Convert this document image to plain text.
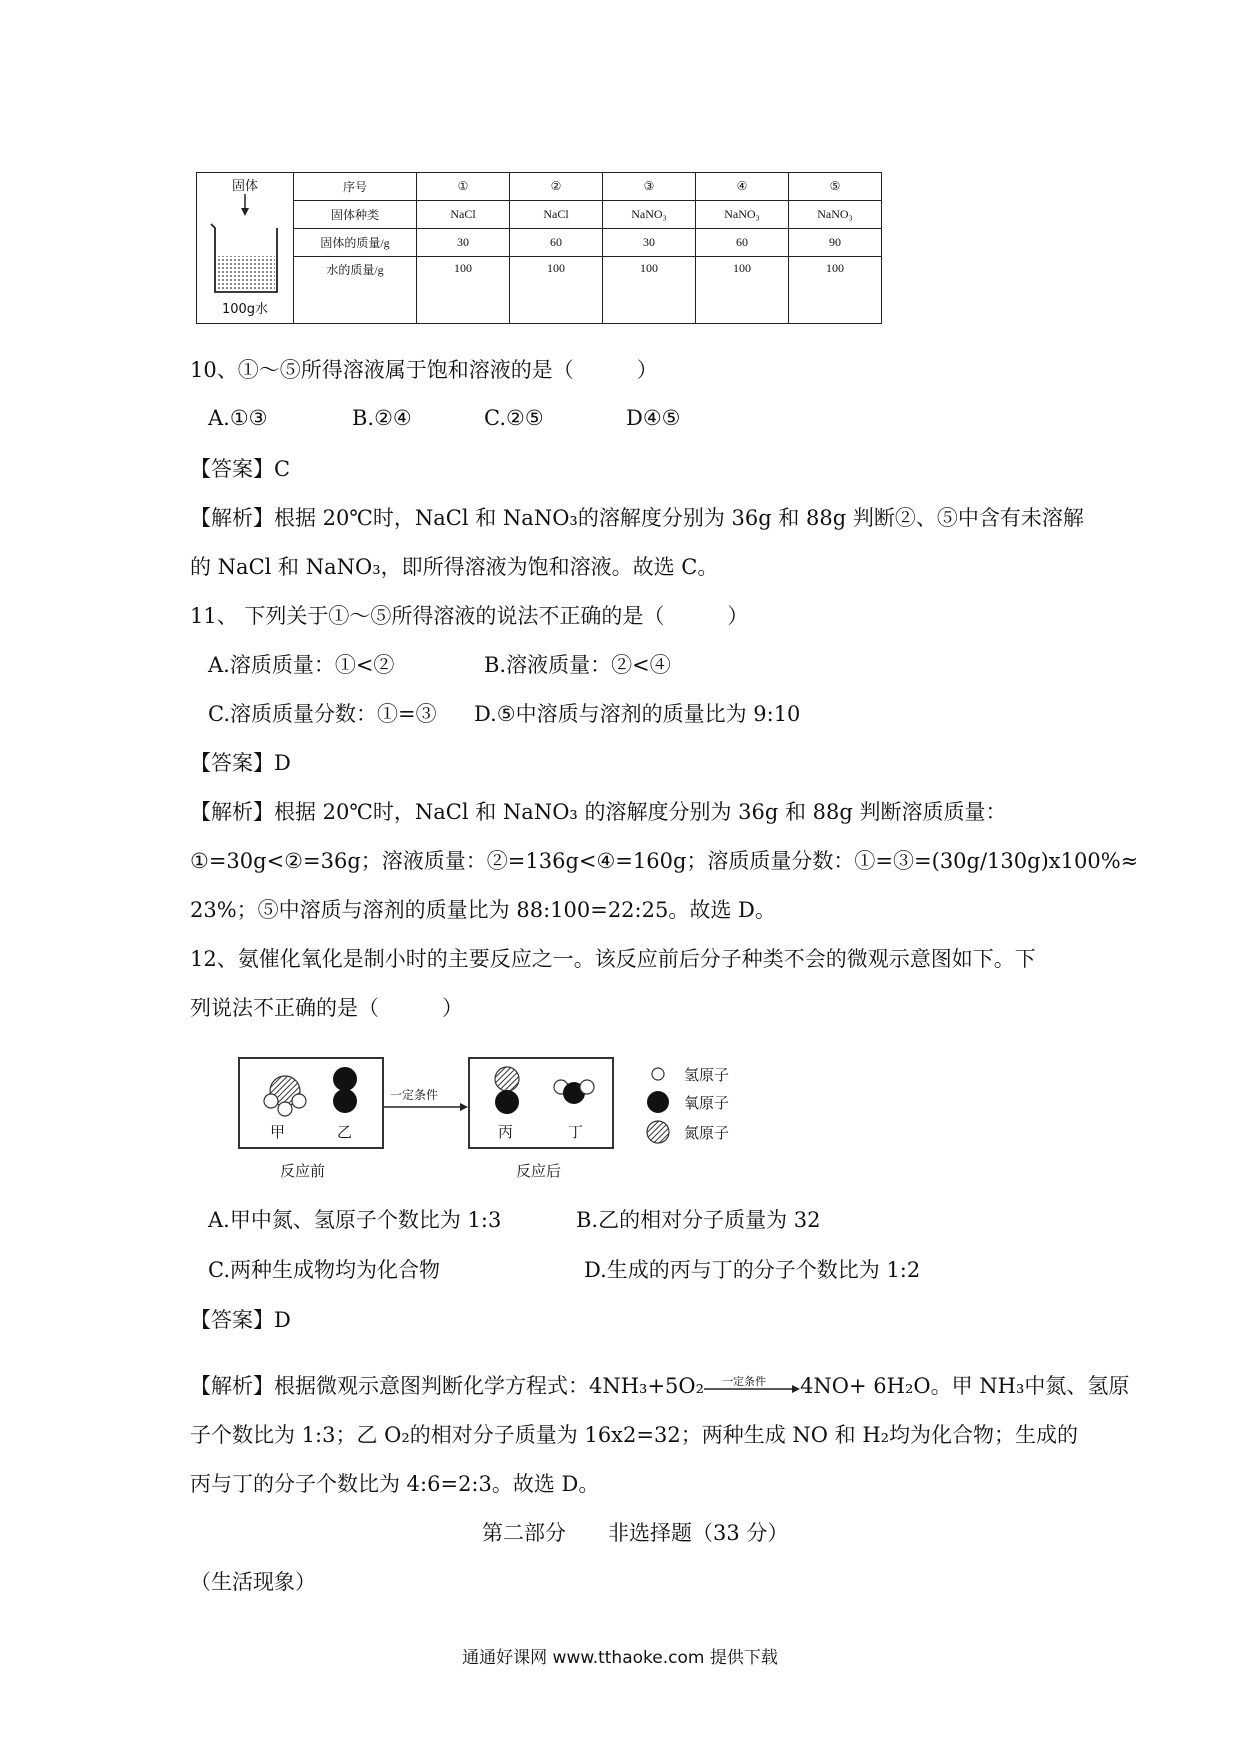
固体
100g水	序号	①	②	③	④	⑤
	固体种类	NaCl	NaCl	NaNO₃	NaNO₃	NaNO₃
	固体的质量/g	30	60	30	60	90
	水的质量/g	100	100	100	100	100
10、①～⑤所得溶液属于饱和溶液的是（　　　）
A.①③	B.②④	C.②⑤	D④⑤
【答案】C
【解析】根据 20℃时，NaCl 和 NaNO₃的溶解度分别为 36g 和 88g 判断②、⑤中含有未溶解
的 NaCl 和 NaNO₃，即所得溶液为饱和溶液。故选 C。
11、 下列关于①～⑤所得溶液的说法不正确的是（　　　）
A.溶质质量：①<②	B.溶液质量：②<④
C.溶质质量分数：①=③ D.⑤中溶质与溶剂的质量比为 9:10
【答案】D
【解析】根据 20℃时，NaCl 和 NaNO₃ 的溶解度分别为 36g 和 88g 判断溶质质量：
①=30g<②=36g；溶液质量：②=136g<④=160g；溶质质量分数：①=③=(30g/130g)x100%≈
23%；⑤中溶质与溶剂的质量比为 88:100=22:25。故选 D。
12、氨催化氧化是制小时的主要反应之一。该反应前后分子种类不会的微观示意图如下。下
列说法不正确的是（　　　）
甲	乙
一定条件
丙	丁
反应前	反应后
氢原子
氧原子
氮原子
A.甲中氮、氢原子个数比为 1:3	B.乙的相对分子质量为 32
C.两种生成物均为化合物	D.生成的丙与丁的分子个数比为 1:2
【答案】D
【解析】根据微观示意图判断化学方程式：4NH₃+5O₂ 一定条件 4NO+ 6H₂O。甲 NH₃中氮、氢原
子个数比为 1:3；乙 O₂的相对分子质量为 16x2=32；两种生成 NO 和 H₂均为化合物；生成的
丙与丁的分子个数比为 4:6=2:3。故选 D。
第二部分　　非选择题（33 分）
（生活现象）
通通好课网 www.tthaoke.com 提供下载
